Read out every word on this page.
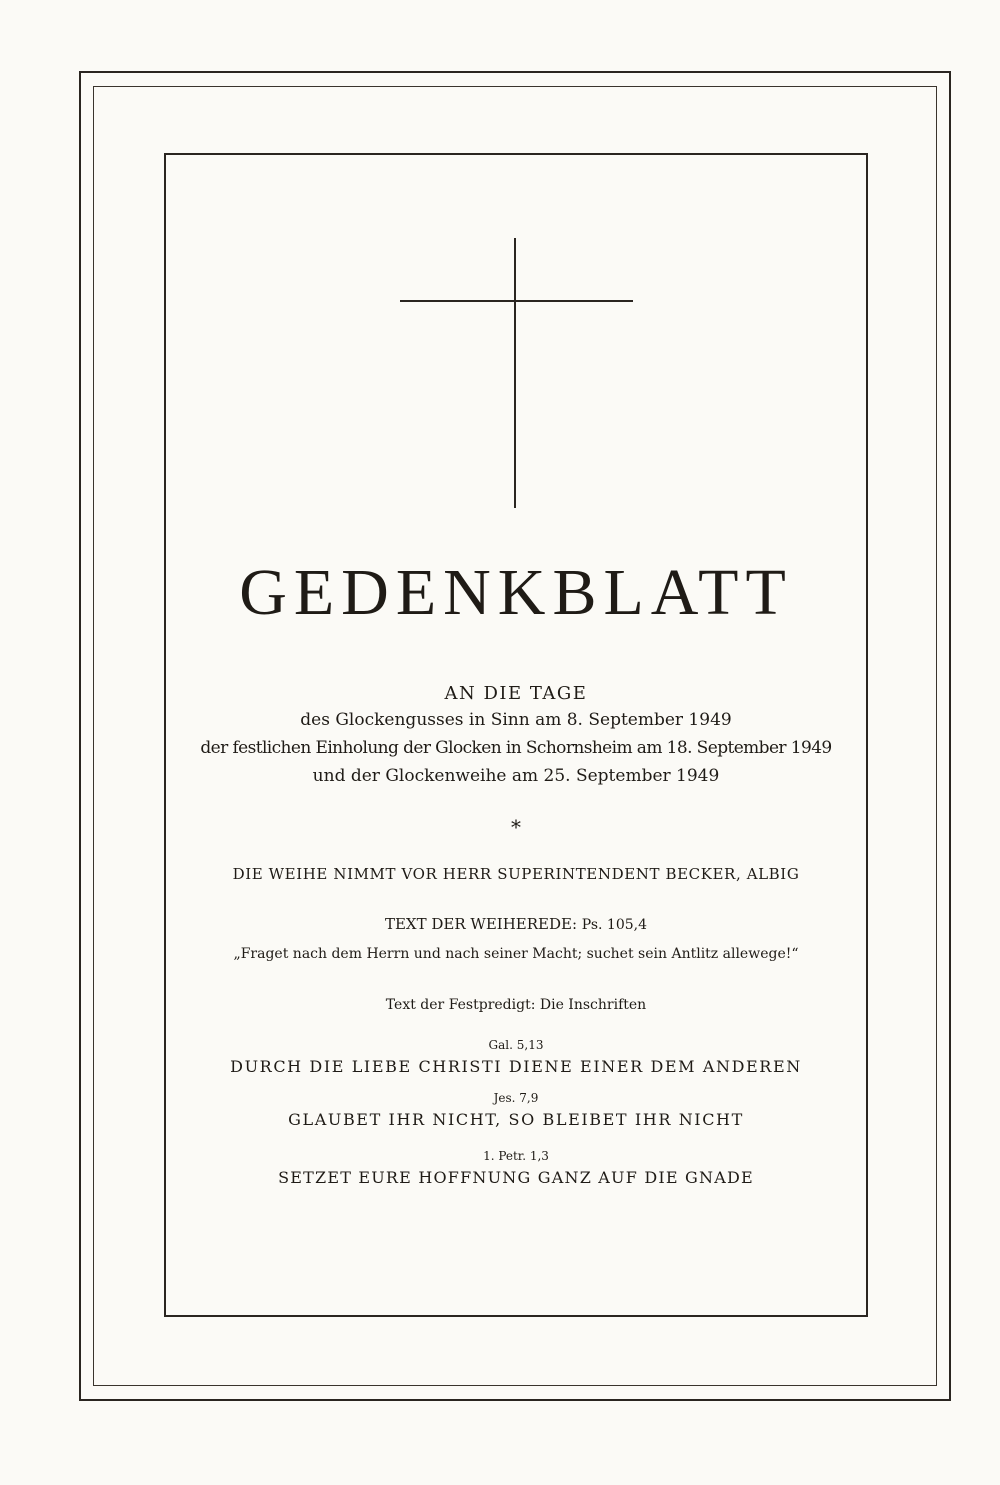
GEDENKBLATT

AN DIE TAGE

des Glockengusses in Sinn am 8. September 1949

der festlichen Einholung der Glocken in Schornsheim am 18. September 1949

und der Glockenweihe am 25. September 1949

*

DIE WEIHE NIMMT VOR HERR SUPERINTENDENT BECKER, ALBIG

TEXT DER WEIHEREDE: Ps. 105,4

„Fraget nach dem Herrn und nach seiner Macht; suchet sein Antlitz allewege!“

Text der Festpredigt: Die Inschriften

Gal. 5,13

DURCH DIE LIEBE CHRISTI DIENE EINER DEM ANDEREN

Jes. 7,9

GLAUBET IHR NICHT, SO BLEIBET IHR NICHT

1. Petr. 1,3

SETZET EURE HOFFNUNG GANZ AUF DIE GNADE
